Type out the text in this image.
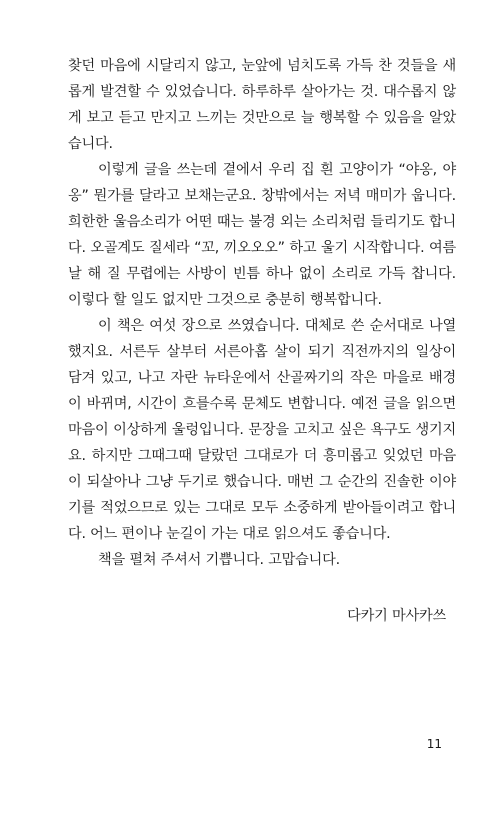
찾던 마음에 시달리지 않고, 눈앞에 넘치도록 가득 찬 것들을 새롭게 발견할 수 있었습니다. 하루하루 살아가는 것. 대수롭지 않게 보고 듣고 만지고 느끼는 것만으로 늘 행복할 수 있음을 알았습니다.

이렇게 글을 쓰는데 곁에서 우리 집 흰 고양이가 “야옹, 야옹” 뭔가를 달라고 보채는군요. 창밖에서는 저녁 매미가 웁니다. 희한한 울음소리가 어떤 때는 불경 외는 소리처럼 들리기도 합니다. 오골계도 질세라 “꼬, 끼오오오” 하고 울기 시작합니다. 여름날 해 질 무렵에는 사방이 빈틈 하나 없이 소리로 가득 찹니다. 이렇다 할 일도 없지만 그것으로 충분히 행복합니다.

이 책은 여섯 장으로 쓰였습니다. 대체로 쓴 순서대로 나열했지요. 서른두 살부터 서른아홉 살이 되기 직전까지의 일상이 담겨 있고, 나고 자란 뉴타운에서 산골짜기의 작은 마을로 배경이 바뀌며, 시간이 흐를수록 문체도 변합니다. 예전 글을 읽으면 마음이 이상하게 울렁입니다. 문장을 고치고 싶은 욕구도 생기지요. 하지만 그때그때 달랐던 그대로가 더 흥미롭고 잊었던 마음이 되살아나 그냥 두기로 했습니다. 매번 그 순간의 진솔한 이야기를 적었으므로 있는 그대로 모두 소중하게 받아들이려고 합니다. 어느 편이나 눈길이 가는 대로 읽으셔도 좋습니다.

책을 펼쳐 주셔서 기쁩니다. 고맙습니다.

다카기 마사카쓰
11
